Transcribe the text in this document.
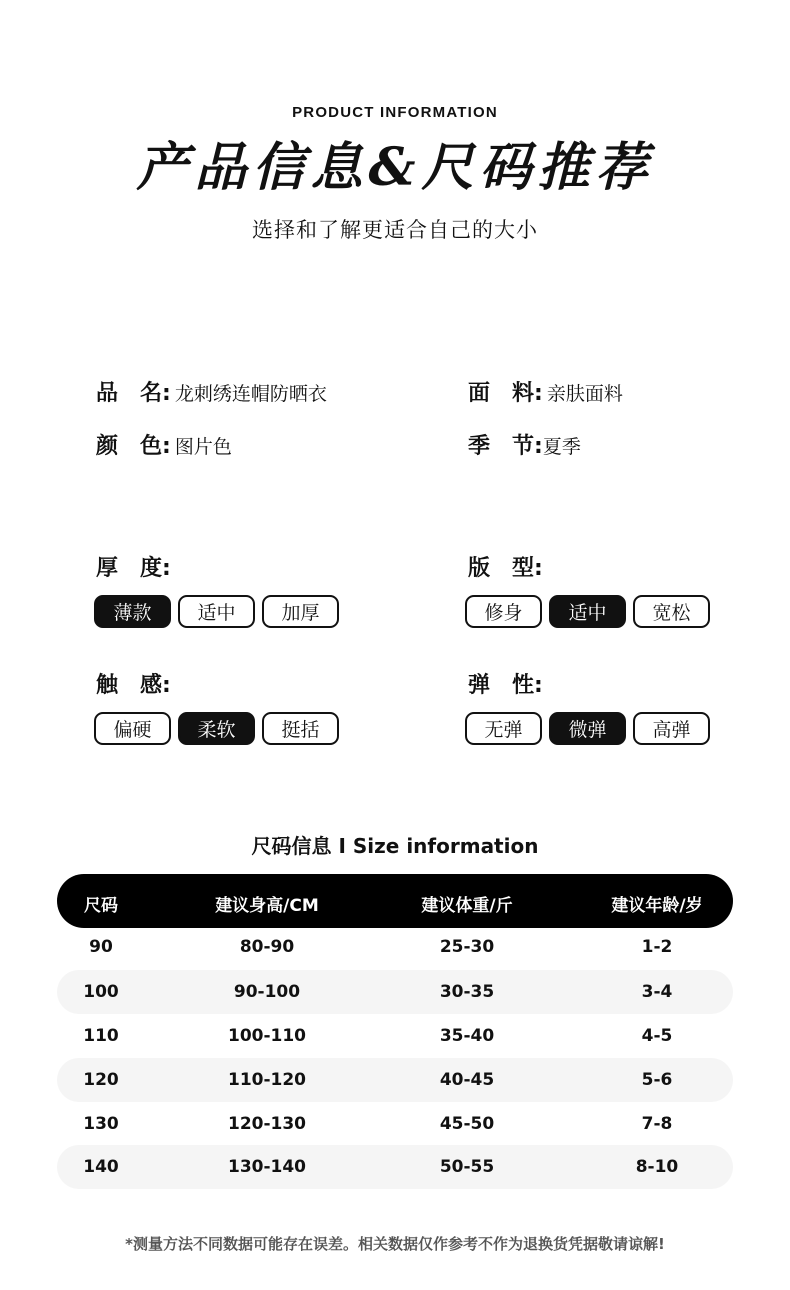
PRODUCT INFORMATION
产品信息&尺码推荐
选择和了解更适合自己的大小
品 名: 龙刺绣连帽防晒衣	面 料: 亲肤面料
颜 色: 图片色	季 节: 夏季
厚 度:
薄款	适中	加厚
版 型:
修身	适中	宽松
触 感:
偏硬	柔软	挺括
弹 性:
无弹	微弹	高弹
尺码信息 I Size information
尺码	建议身高/CM	建议体重/斤	建议年龄/岁
90	80-90	25-30	1-2
100	90-100	30-35	3-4
110	100-110	35-40	4-5
120	110-120	40-45	5-6
130	120-130	45-50	7-8
140	130-140	50-55	8-10
*测量方法不同数据可能存在误差。相关数据仅作参考不作为退换货凭据敬请谅解!
